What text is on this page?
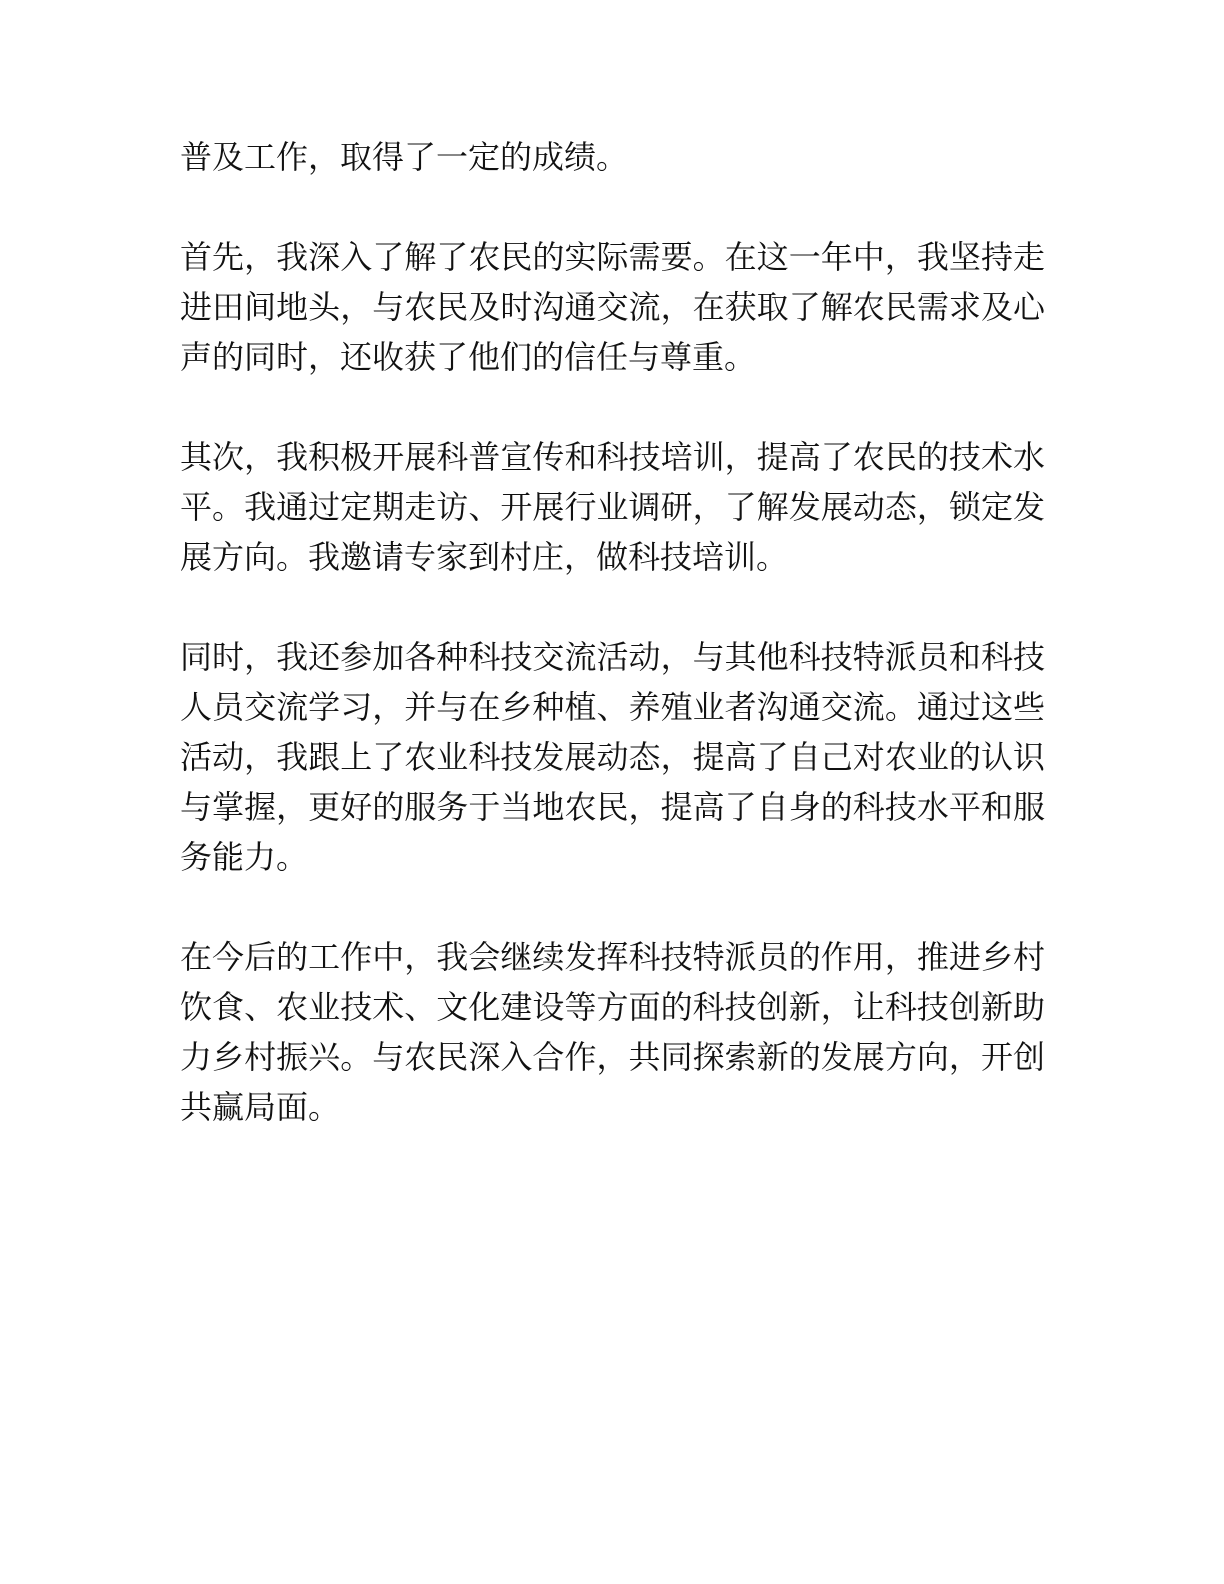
普及工作，取得了一定的成绩。

首先，我深入了解了农民的实际需要。在这一年中，我坚持走进田间地头，与农民及时沟通交流，在获取了解农民需求及心声的同时，还收获了他们的信任与尊重。

其次，我积极开展科普宣传和科技培训，提高了农民的技术水平。我通过定期走访、开展行业调研，了解发展动态，锁定发展方向。我邀请专家到村庄，做科技培训。

同时，我还参加各种科技交流活动，与其他科技特派员和科技人员交流学习，并与在乡种植、养殖业者沟通交流。通过这些活动，我跟上了农业科技发展动态，提高了自己对农业的认识与掌握，更好的服务于当地农民，提高了自身的科技水平和服务能力。

在今后的工作中，我会继续发挥科技特派员的作用，推进乡村饮食、农业技术、文化建设等方面的科技创新，让科技创新助力乡村振兴。与农民深入合作，共同探索新的发展方向，开创共赢局面。
